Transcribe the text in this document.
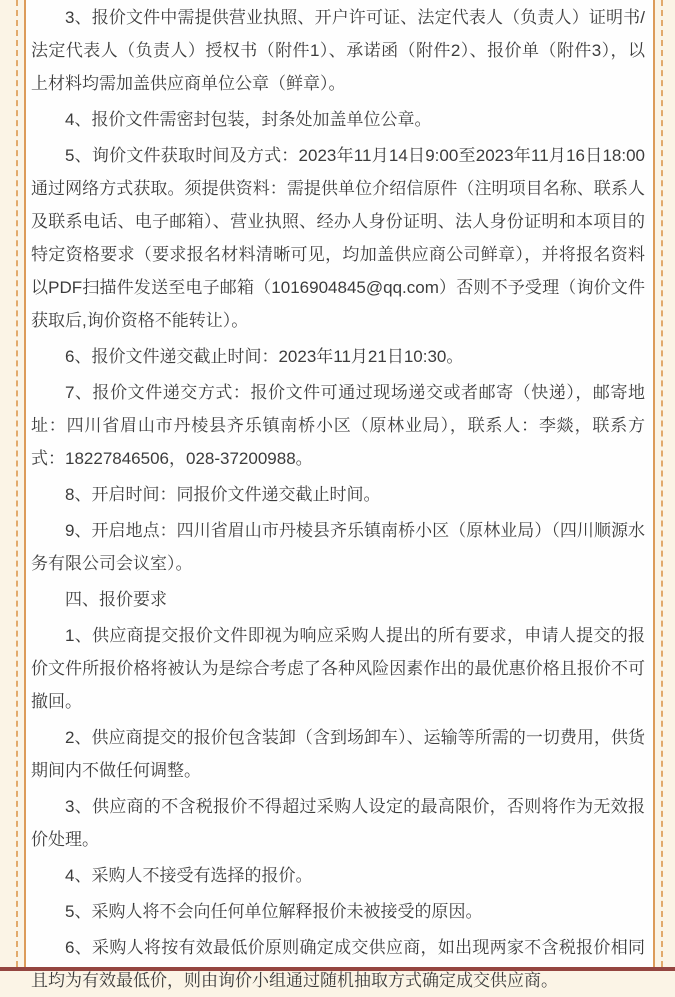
3、报价文件中需提供营业执照、开户许可证、法定代表人（负责人）证明书/法定代表人（负责人）授权书（附件1）、承诺函（附件2）、报价单（附件3），以上材料均需加盖供应商单位公章（鲜章）。

4、报价文件需密封包装，封条处加盖单位公章。

5、询价文件获取时间及方式：2023年11月14日9:00至2023年11月16日18:00通过网络方式获取。须提供资料：需提供单位介绍信原件（注明项目名称、联系人及联系电话、电子邮箱）、营业执照、经办人身份证明、法人身份证明和本项目的特定资格要求（要求报名材料清晰可见，均加盖供应商公司鲜章），并将报名资料以PDF扫描件发送至电子邮箱（1016904845@qq.com）否则不予受理（询价文件获取后,询价资格不能转让）。

6、报价文件递交截止时间：2023年11月21日10:30。

7、报价文件递交方式：报价文件可通过现场递交或者邮寄（快递），邮寄地址：四川省眉山市丹棱县齐乐镇南桥小区（原林业局），联系人：李燚，联系方式：18227846506，028-37200988。

8、开启时间：同报价文件递交截止时间。

9、开启地点：四川省眉山市丹棱县齐乐镇南桥小区（原林业局）（四川顺源水务有限公司会议室）。

四、报价要求

1、供应商提交报价文件即视为响应采购人提出的所有要求，申请人提交的报价文件所报价格将被认为是综合考虑了各种风险因素作出的最优惠价格且报价不可撤回。

2、供应商提交的报价包含装卸（含到场卸车）、运输等所需的一切费用，供货期间内不做任何调整。

3、供应商的不含税报价不得超过采购人设定的最高限价，否则将作为无效报价处理。

4、采购人不接受有选择的报价。

5、采购人将不会向任何单位解释报价未被接受的原因。

6、采购人将按有效最低价原则确定成交供应商，如出现两家不含税报价相同且均为有效最低价，则由询价小组通过随机抽取方式确定成交供应商。
